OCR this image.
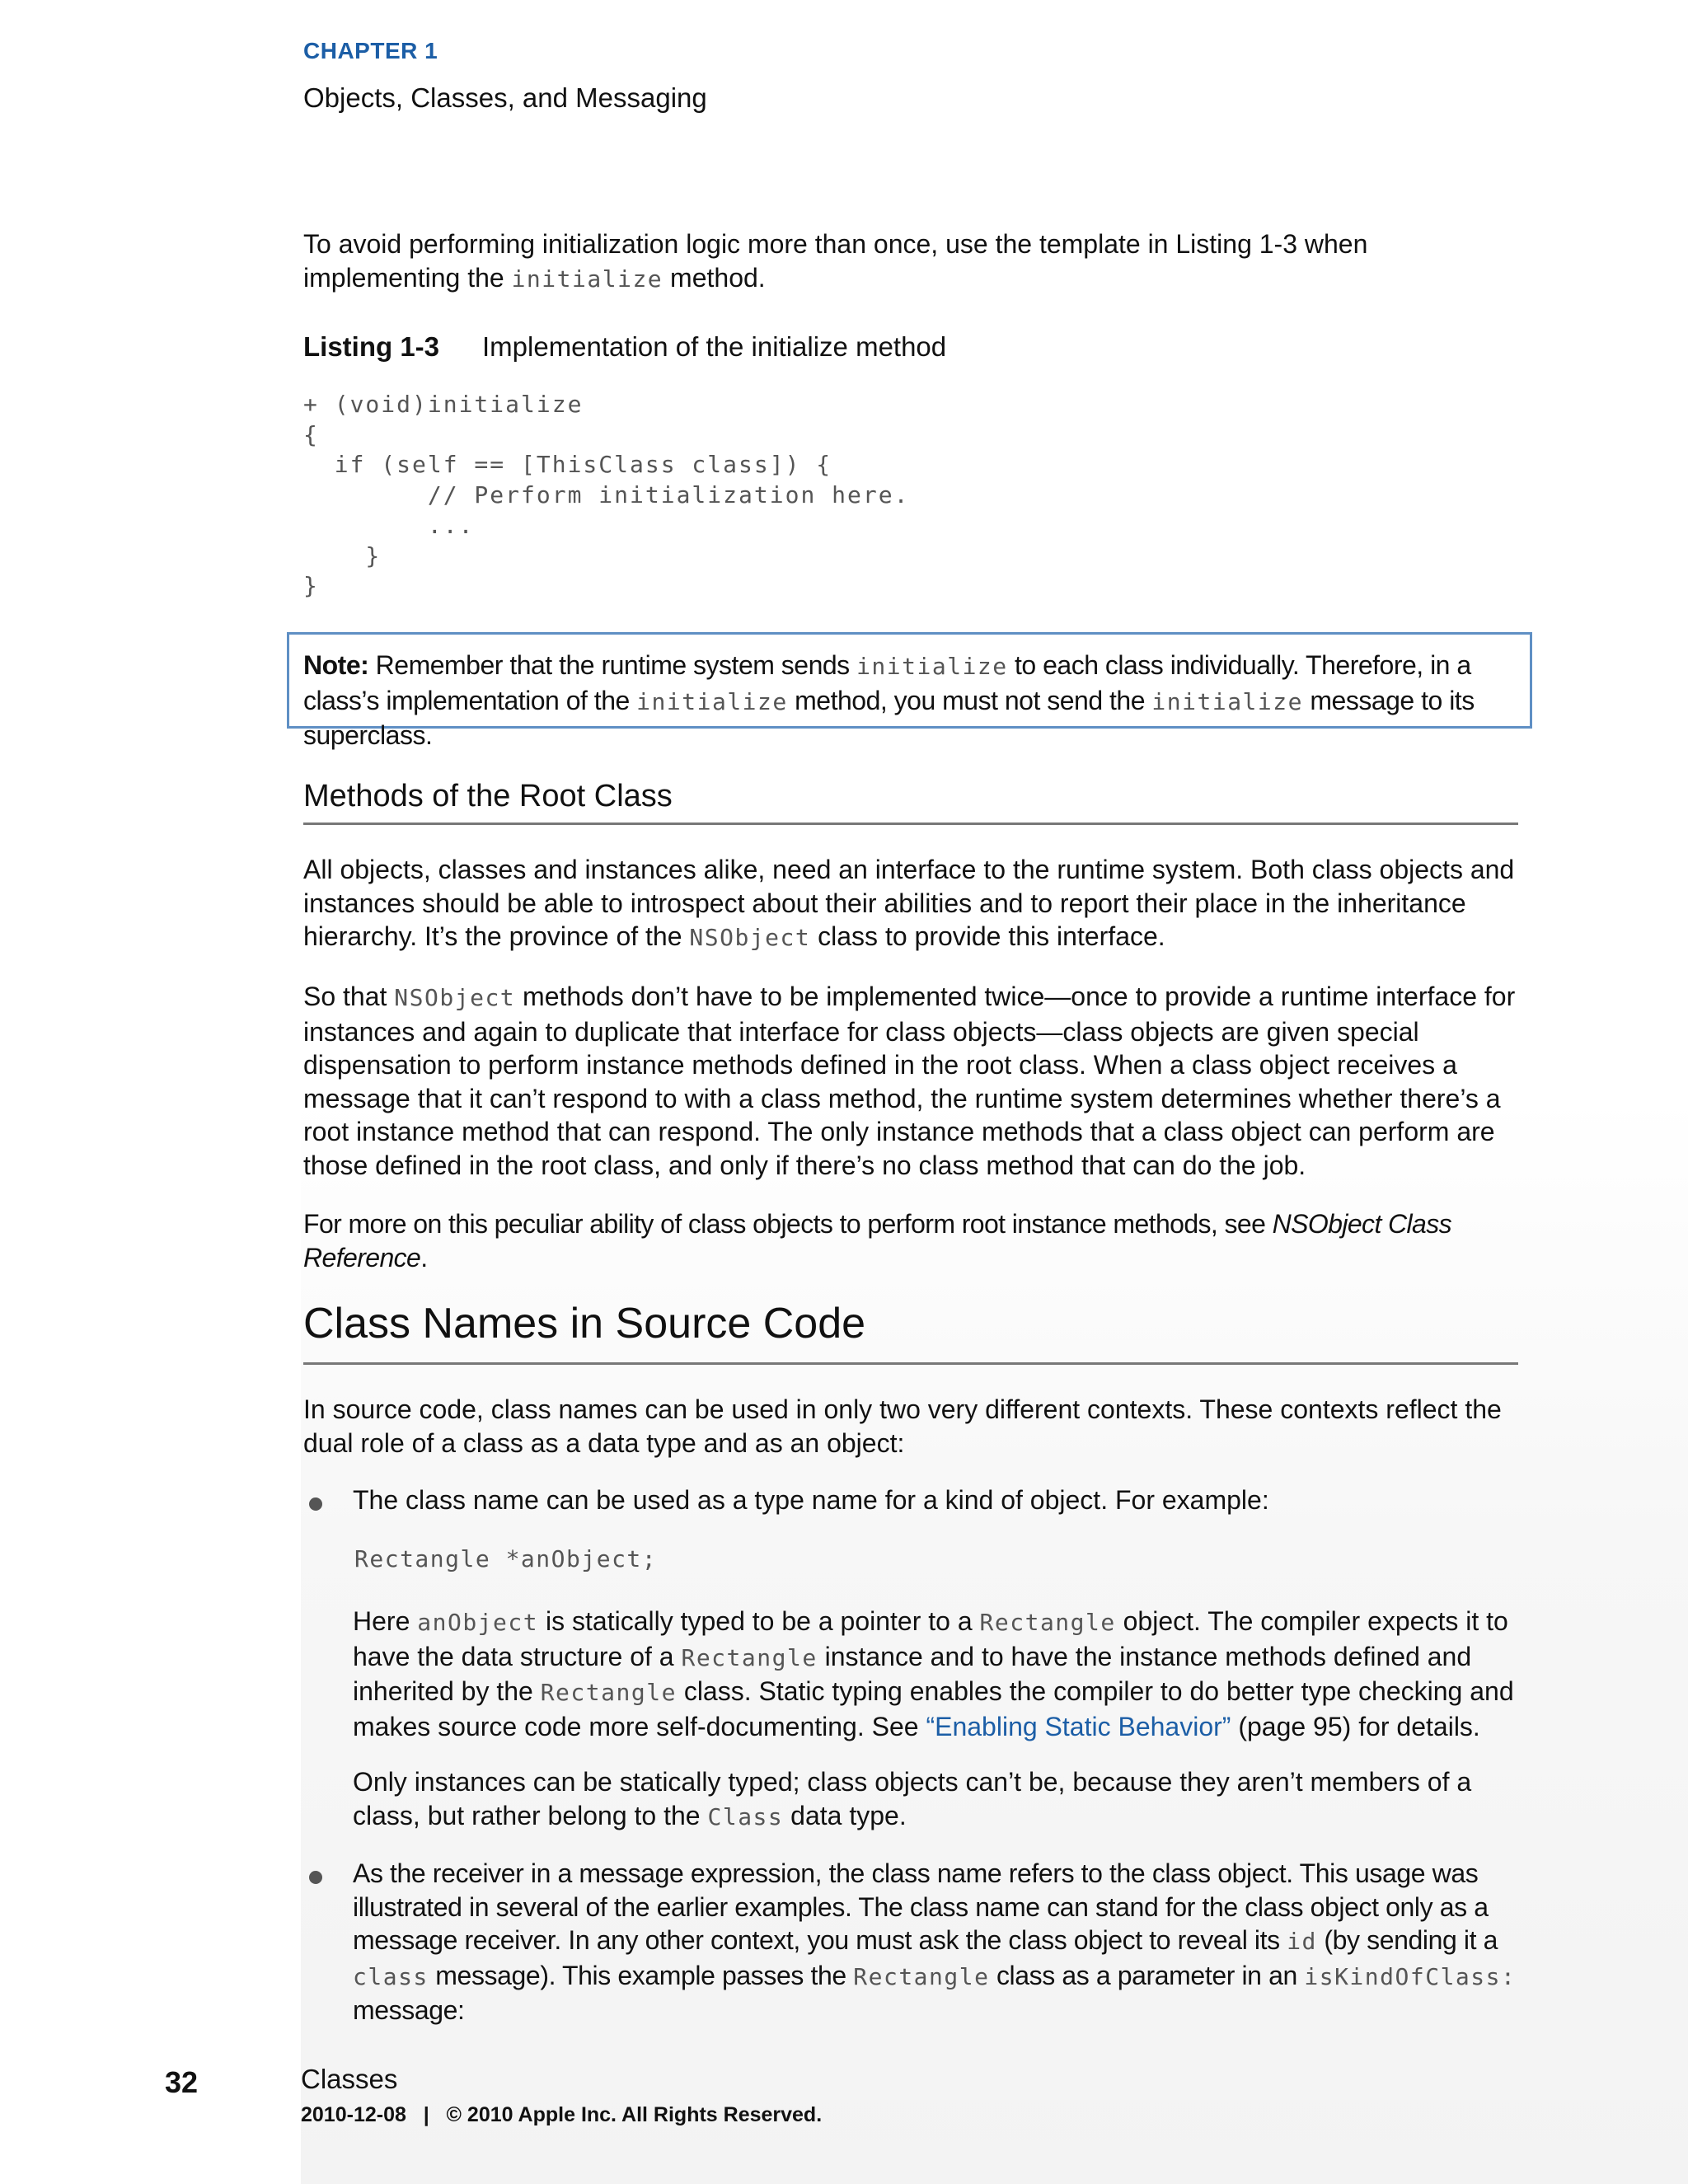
CHAPTER 1
Objects, Classes, and Messaging

To avoid performing initialization logic more than once, use the template in Listing 1-3 when implementing the initialize method.

Listing 1-3 Implementation of the initialize method
+ (void)initialize
{
if (self == [ThisClass class]) {
// Perform initialization here.
...
}
}

Note: Remember that the runtime system sends initialize to each class individually. Therefore, in a class’s implementation of the initialize method, you must not send the initialize message to its superclass.

Methods of the Root Class

All objects, classes and instances alike, need an interface to the runtime system. Both class objects and instances should be able to introspect about their abilities and to report their place in the inheritance hierarchy. It’s the province of the NSObject class to provide this interface.

So that NSObject methods don’t have to be implemented twice—once to provide a runtime interface for instances and again to duplicate that interface for class objects—class objects are given special dispensation to perform instance methods defined in the root class. When a class object receives a message that it can’t respond to with a class method, the runtime system determines whether there’s a root instance method that can respond. The only instance methods that a class object can perform are those defined in the root class, and only if there’s no class method that can do the job.

For more on this peculiar ability of class objects to perform root instance methods, see NSObject Class Reference.

Class Names in Source Code

In source code, class names can be used in only two very different contexts. These contexts reflect the dual role of a class as a data type and as an object:

The class name can be used as a type name for a kind of object. For example:

Rectangle *anObject;

Here anObject is statically typed to be a pointer to a Rectangle object. The compiler expects it to have the data structure of a Rectangle instance and to have the instance methods defined and inherited by the Rectangle class. Static typing enables the compiler to do better type checking and makes source code more self-documenting. See “Enabling Static Behavior” (page 95) for details.

Only instances can be statically typed; class objects can’t be, because they aren’t members of a class, but rather belong to the Class data type.

As the receiver in a message expression, the class name refers to the class object. This usage was illustrated in several of the earlier examples. The class name can stand for the class object only as a message receiver. In any other context, you must ask the class object to reveal its id (by sending it a class message). This example passes the Rectangle class as a parameter in an isKindOfClass: message:

32	Classes
2010-12-08   |   © 2010 Apple Inc. All Rights Reserved.
